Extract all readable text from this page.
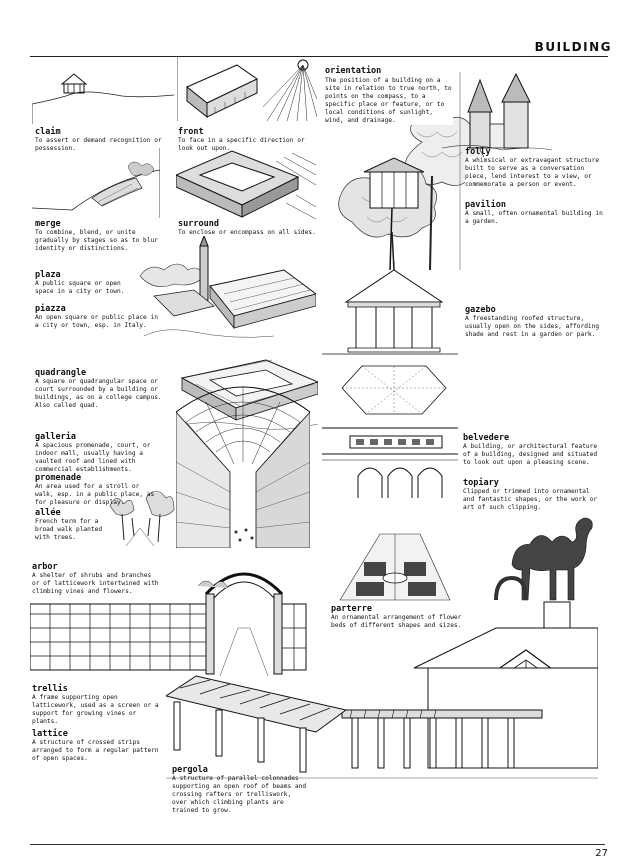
BUILDING
claim
To assert or demand recognition or possession.
front
To face in a specific direction or look out upon.
orientation
The position of a building on a site in relation to true north, to points on the compass, to a specific place or feature, or to local conditions of sunlight, wind, and drainage.
folly
A whimsical or extravagant structure built to serve as a conversation piece, lend interest to a view, or commemorate a person or event.
pavilion
A small, often ornamental building in a garden.
merge
To combine, blend, or unite gradually by stages so as to blur identity or distinctions.
surround
To enclose or encompass on all sides.
plaza
A public square or open space in a city or town.
piazza
An open square or public place in a city or town, esp. in Italy.
gazebo
A freestanding roofed structure, usually open on the sides, affording shade and rest in a garden or park.
quadrangle
A square or quadrangular space or court surrounded by a building or buildings, as on a college campus. Also called quad.
galleria
A spacious promenade, court, or indoor mall, usually having a vaulted roof and lined with commercial establishments.
belvedere
A building, or architectural feature of a building, designed and situated to look out upon a pleasing scene.
promenade
An area used for a stroll or walk, esp. in a public place, as for pleasure or display.
topiary
Clipped or trimmed into ornamental and fantastic shapes, or the work or art of such clipping.
allée
French term for a broad walk planted with trees.
arbor
A shelter of shrubs and branches or of latticework intertwined with climbing vines and flowers.
parterre
An ornamental arrangement of flower beds of different shapes and sizes.
trellis
A frame supporting open latticework, used as a screen or a support for growing vines or plants.
lattice
A structure of crossed strips arranged to form a regular pattern of open spaces.
pergola
A structure of parallel colonnades supporting an open roof of beams and crossing rafters or trelliswork, over which climbing plants are trained to grow.
27
